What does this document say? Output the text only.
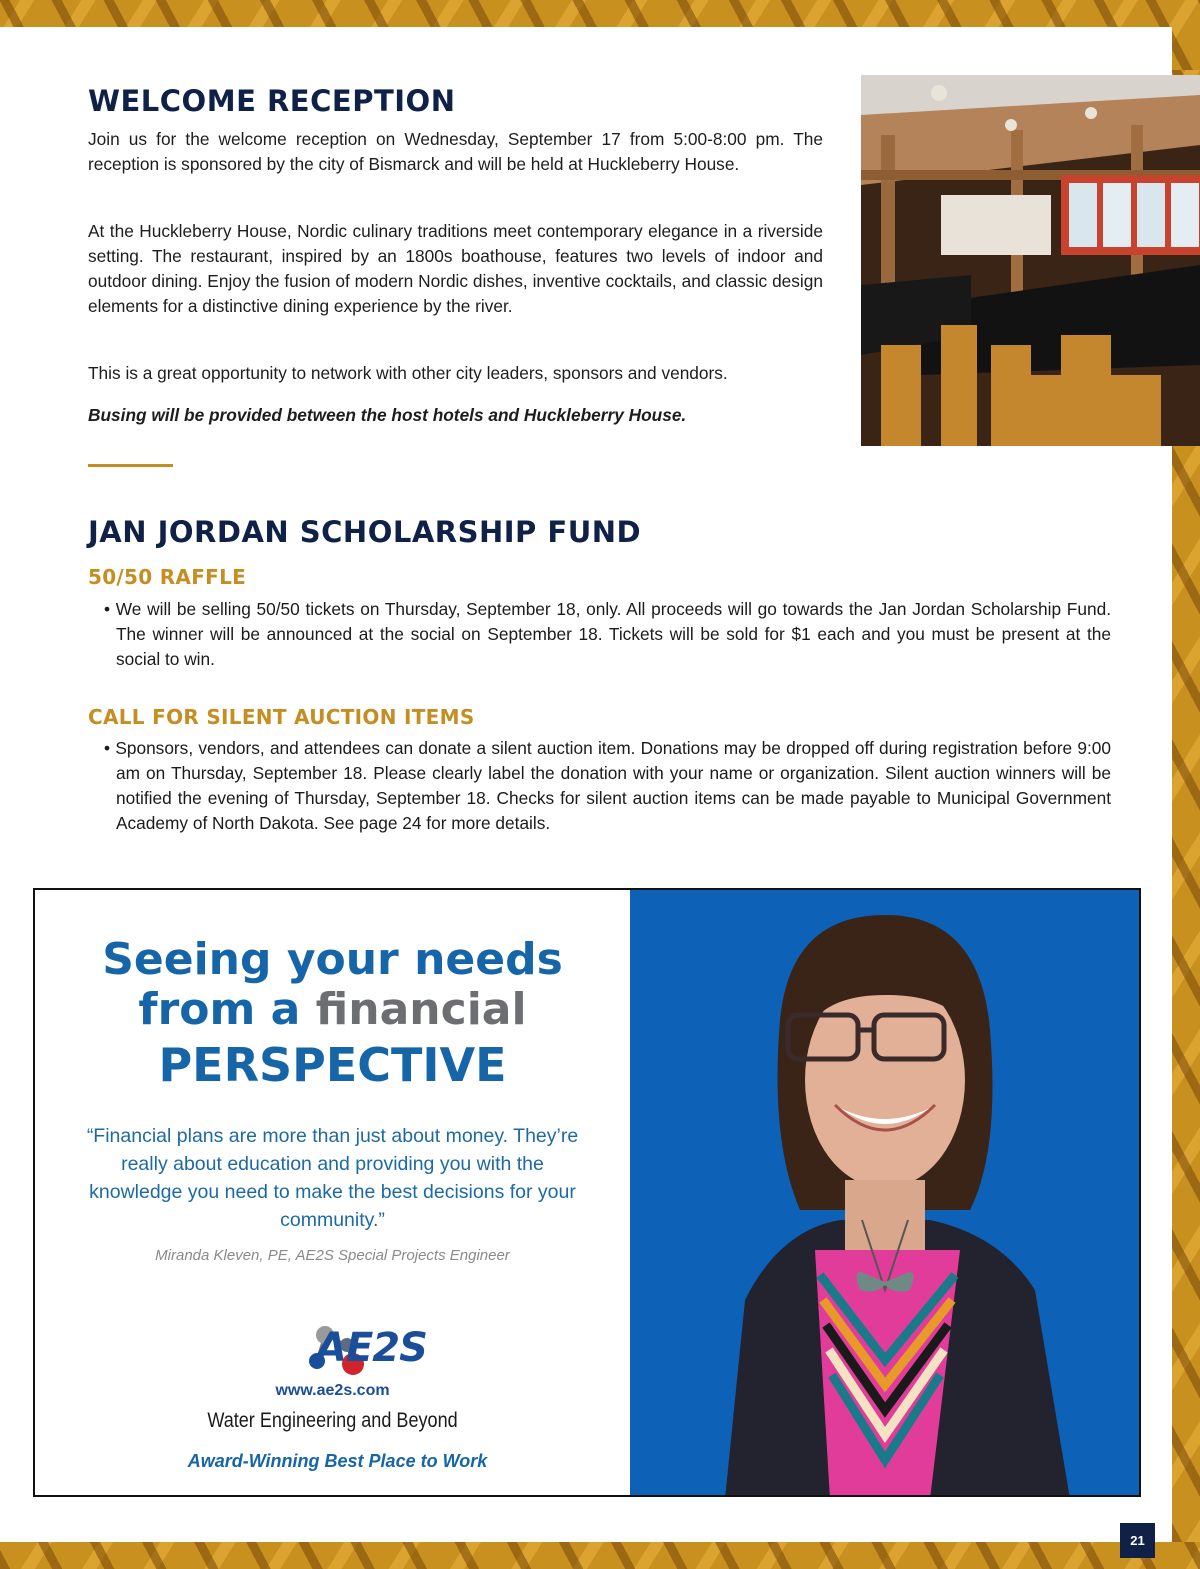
WELCOME RECEPTION

Join us for the welcome reception on Wednesday, September 17 from 5:00-8:00 pm. The reception is sponsored by the city of Bismarck and will be held at Huckleberry House.

At the Huckleberry House, Nordic culinary traditions meet contemporary elegance in a riverside setting. The restaurant, inspired by an 1800s boathouse, features two levels of indoor and outdoor dining. Enjoy the fusion of modern Nordic dishes, inventive cocktails, and classic design elements for a distinctive dining experience by the river.

This is a great opportunity to network with other city leaders, sponsors and vendors.

Busing will be provided between the host hotels and Huckleberry House.

JAN JORDAN SCHOLARSHIP FUND
50/50 RAFFLE

• We will be selling 50/50 tickets on Thursday, September 18, only. All proceeds will go towards the Jan Jordan Scholarship Fund. The winner will be announced at the social on September 18. Tickets will be sold for $1 each and you must be present at the social to win.

CALL FOR SILENT AUCTION ITEMS

• Sponsors, vendors, and attendees can donate a silent auction item. Donations may be dropped off during registration before 9:00 am on Thursday, September 18. Please clearly label the donation with your name or organization. Silent auction winners will be notified the evening of Thursday, September 18. Checks for silent auction items can be made payable to Municipal Government Academy of North Dakota. See page 24 for more details.

Seeing your needs
from a financial
PERSPECTIVE

“Financial plans are more than just about money. They’re really about education and providing you with the knowledge you need to make the best decisions for your community.”

Miranda Kleven, PE, AE2S Special Projects Engineer

AE2S
www.ae2s.com
Water Engineering and Beyond
Award-Winning Best Place to Work
21
